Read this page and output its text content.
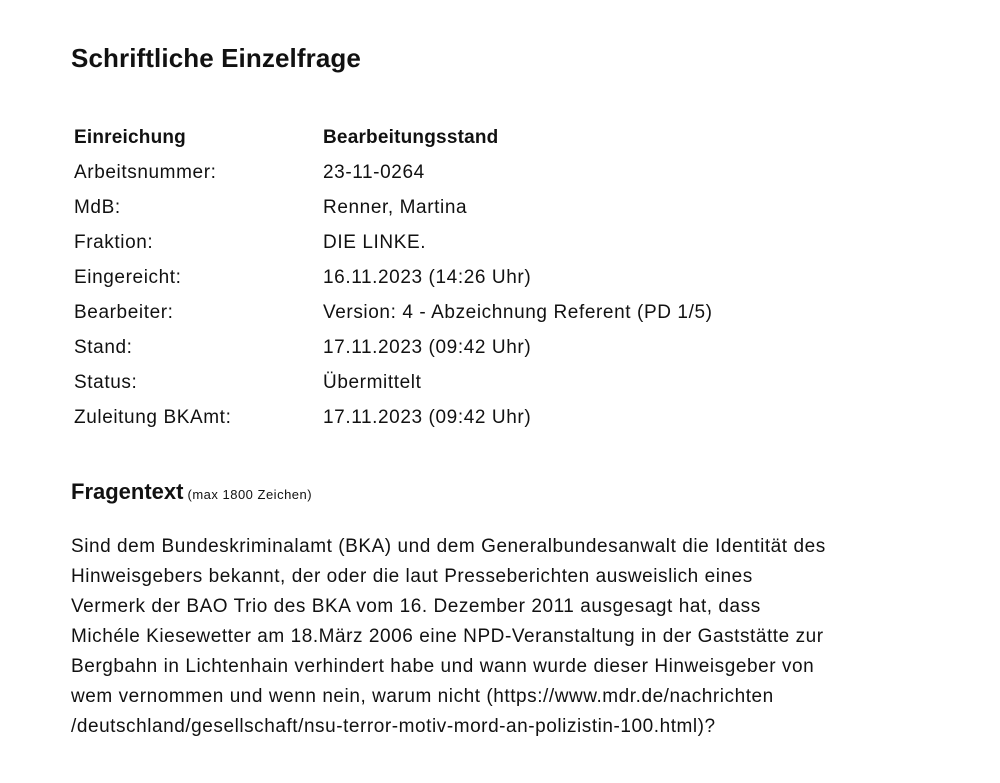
Schriftliche Einzelfrage
Einreichung	Bearbeitungsstand
Arbeitsnummer:	23-11-0264
MdB:	Renner, Martina
Fraktion:	DIE LINKE.
Eingereicht:	16.11.2023 (14:26 Uhr)
Bearbeiter:	Version: 4 - Abzeichnung Referent (PD 1/5)
Stand:	17.11.2023 (09:42 Uhr)
Status:	Übermittelt
Zuleitung BKAmt:	17.11.2023 (09:42 Uhr)
Fragentext (max 1800 Zeichen)

Sind dem Bundeskriminalamt (BKA) und dem Generalbundesanwalt die Identität des
Hinweisgebers bekannt, der oder die laut Presseberichten ausweislich eines
Vermerk der BAO Trio des BKA vom 16. Dezember 2011 ausgesagt hat, dass
Michéle Kiesewetter am 18.März 2006 eine NPD-Veranstaltung in der Gaststätte zur
Bergbahn in Lichtenhain verhindert habe und wann wurde dieser Hinweisgeber von
wem vernommen und wenn nein, warum nicht (https://www.mdr.de/nachrichten
/deutschland/gesellschaft/nsu-terror-motiv-mord-an-polizistin-100.html)?
